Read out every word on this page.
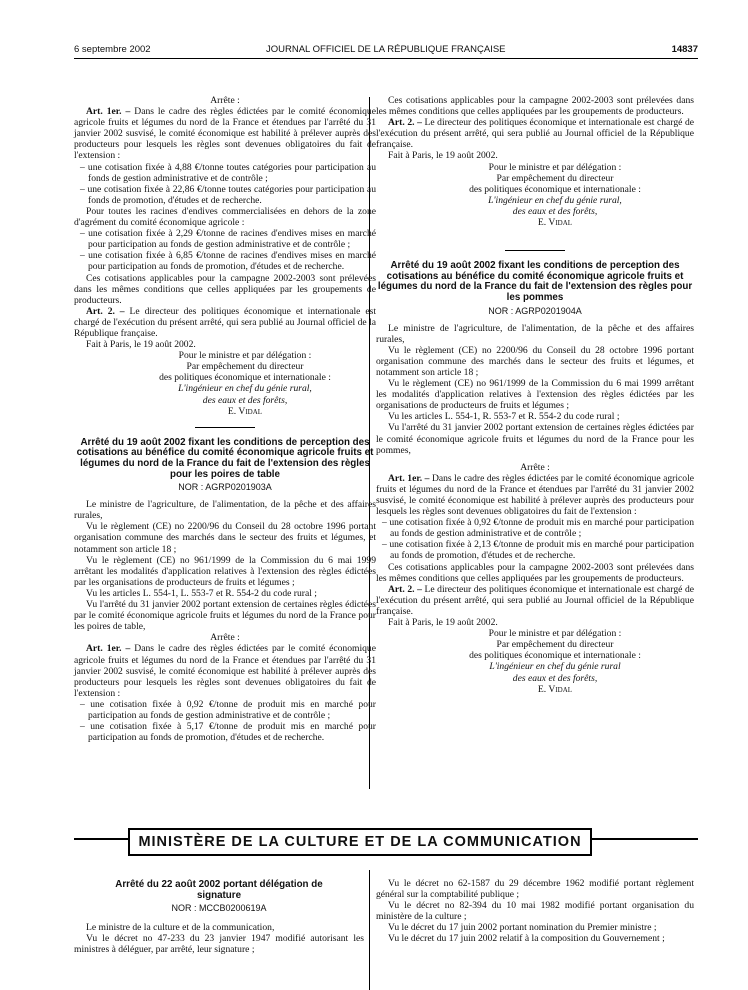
6 septembre 2002	JOURNAL OFFICIEL DE LA RÉPUBLIQUE FRANÇAISE	14837

Arrête :

Art. 1er. – Dans le cadre des règles édictées par le comité économique agricole fruits et légumes du nord de la France et étendues par l'arrêté du 31 janvier 2002 susvisé, le comité économique est habilité à prélever auprès des producteurs pour lesquels les règles sont devenues obligatoires du fait de l'extension :

– une cotisation fixée à 4,88 €/tonne toutes catégories pour participation au fonds de gestion administrative et de contrôle ;

– une cotisation fixée à 22,86 €/tonne toutes catégories pour participation au fonds de promotion, d'études et de recherche.

Pour toutes les racines d'endives commercialisées en dehors de la zone d'agrément du comité économique agricole :

– une cotisation fixée à 2,29 €/tonne de racines d'endives mises en marché pour participation au fonds de gestion administrative et de contrôle ;

– une cotisation fixée à 6,85 €/tonne de racines d'endives mises en marché pour participation au fonds de promotion, d'études et de recherche.

Ces cotisations applicables pour la campagne 2002-2003 sont prélevées dans les mêmes conditions que celles appliquées par les groupements de producteurs.

Art. 2. – Le directeur des politiques économique et internationale est chargé de l'exécution du présent arrêté, qui sera publié au Journal officiel de la République française.

Fait à Paris, le 19 août 2002.

Pour le ministre et par délégation :

Par empêchement du directeur

des politiques économique et internationale :

L'ingénieur en chef du génie rural,

des eaux et des forêts,

E. Vidal

Arrêté du 19 août 2002 fixant les conditions de perception des cotisations au bénéfice du comité économique agricole fruits et légumes du nord de la France du fait de l'extension des règles pour les poires de table

NOR : AGRP0201903A

Le ministre de l'agriculture, de l'alimentation, de la pêche et des affaires rurales,

Vu le règlement (CE) no 2200/96 du Conseil du 28 octobre 1996 portant organisation commune des marchés dans le secteur des fruits et légumes, et notamment son article 18 ;

Vu le règlement (CE) no 961/1999 de la Commission du 6 mai 1999 arrêtant les modalités d'application relatives à l'extension des règles édictées par les organisations de producteurs de fruits et légumes ;

Vu les articles L. 554-1, L. 553-7 et R. 554-2 du code rural ;

Vu l'arrêté du 31 janvier 2002 portant extension de certaines règles édictées par le comité économique agricole fruits et légumes du nord de la France pour les poires de table,

Arrête :

Art. 1er. – Dans le cadre des règles édictées par le comité économique agricole fruits et légumes du nord de la France et étendues par l'arrêté du 31 janvier 2002 susvisé, le comité économique est habilité à prélever auprès des producteurs pour lesquels les règles sont devenues obligatoires du fait de l'extension :

– une cotisation fixée à 0,92 €/tonne de produit mis en marché pour participation au fonds de gestion administrative et de contrôle ;

– une cotisation fixée à 5,17 €/tonne de produit mis en marché pour participation au fonds de promotion, d'études et de recherche.

Ces cotisations applicables pour la campagne 2002-2003 sont prélevées dans les mêmes conditions que celles appliquées par les groupements de producteurs.

Art. 2. – Le directeur des politiques économique et internationale est chargé de l'exécution du présent arrêté, qui sera publié au Journal officiel de la République française.

Fait à Paris, le 19 août 2002.

Pour le ministre et par délégation :

Par empêchement du directeur

des politiques économique et internationale :

L'ingénieur en chef du génie rural,

des eaux et des forêts,

E. Vidal

Arrêté du 19 août 2002 fixant les conditions de perception des cotisations au bénéfice du comité économique agricole fruits et légumes du nord de la France du fait de l'extension des règles pour les pommes

NOR : AGRP0201904A

Le ministre de l'agriculture, de l'alimentation, de la pêche et des affaires rurales,

Vu le règlement (CE) no 2200/96 du Conseil du 28 octobre 1996 portant organisation commune des marchés dans le secteur des fruits et légumes, et notamment son article 18 ;

Vu le règlement (CE) no 961/1999 de la Commission du 6 mai 1999 arrêtant les modalités d'application relatives à l'extension des règles édictées par les organisations de producteurs de fruits et légumes ;

Vu les articles L. 554-1, R. 553-7 et R. 554-2 du code rural ;

Vu l'arrêté du 31 janvier 2002 portant extension de certaines règles édictées par le comité économique agricole fruits et légumes du nord de la France pour les pommes,

Arrête :

Art. 1er. – Dans le cadre des règles édictées par le comité économique agricole fruits et légumes du nord de la France et étendues par l'arrêté du 31 janvier 2002 susvisé, le comité économique est habilité à prélever auprès des producteurs pour lesquels les règles sont devenues obligatoires du fait de l'extension :

– une cotisation fixée à 0,92 €/tonne de produit mis en marché pour participation au fonds de gestion administrative et de contrôle ;

– une cotisation fixée à 2,13 €/tonne de produit mis en marché pour participation au fonds de promotion, d'études et de recherche.

Ces cotisations applicables pour la campagne 2002-2003 sont prélevées dans les mêmes conditions que celles appliquées par les groupements de producteurs.

Art. 2. – Le directeur des politiques économique et internationale est chargé de l'exécution du présent arrêté, qui sera publié au Journal officiel de la République française.

Fait à Paris, le 19 août 2002.

Pour le ministre et par délégation :

Par empêchement du directeur

des politiques économique et internationale :

L'ingénieur en chef du génie rural

des eaux et des forêts,

E. Vidal

MINISTÈRE DE LA CULTURE ET DE LA COMMUNICATION

Arrêté du 22 août 2002 portant délégation de signature

NOR : MCCB0200619A

Le ministre de la culture et de la communication,

Vu le décret no 47-233 du 23 janvier 1947 modifié autorisant les ministres à déléguer, par arrêté, leur signature ;

Vu le décret no 62-1587 du 29 décembre 1962 modifié portant règlement général sur la comptabilité publique ;

Vu le décret no 82-394 du 10 mai 1982 modifié portant organisation du ministère de la culture ;

Vu le décret du 17 juin 2002 portant nomination du Premier ministre ;

Vu le décret du 17 juin 2002 relatif à la composition du Gouvernement ;
